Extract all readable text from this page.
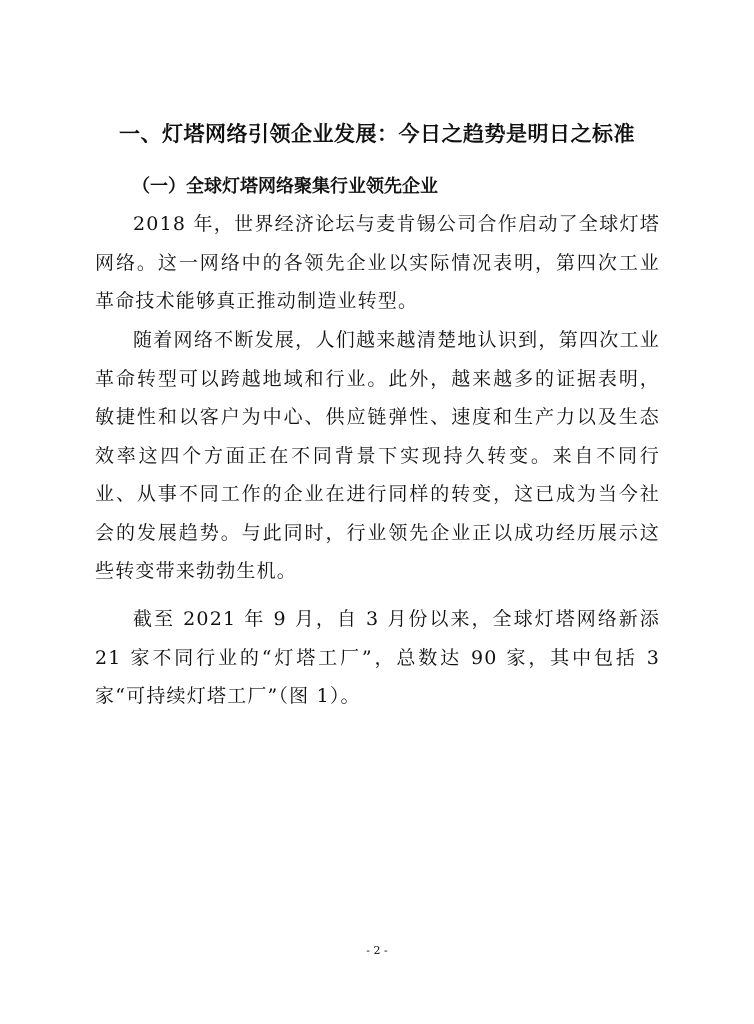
一、灯塔网络引领企业发展：今日之趋势是明日之标准
（一）全球灯塔网络聚集行业领先企业

2018 年，世界经济论坛与麦肯锡公司合作启动了全球灯塔网络。这一网络中的各领先企业以实际情况表明，第四次工业革命技术能够真正推动制造业转型。

随着网络不断发展，人们越来越清楚地认识到，第四次工业革命转型可以跨越地域和行业。此外，越来越多的证据表明，敏捷性和以客户为中心、供应链弹性、速度和生产力以及生态效率这四个方面正在不同背景下实现持久转变。来自不同行业、从事不同工作的企业在进行同样的转变，这已成为当今社会的发展趋势。与此同时，行业领先企业正以成功经历展示这些转变带来勃勃生机。

截至 2021 年 9 月，自 3 月份以来，全球灯塔网络新添 21 家不同行业的“灯塔工厂”，总数达 90 家，其中包括 3 家“可持续灯塔工厂”（图 1）。

- 2 -
